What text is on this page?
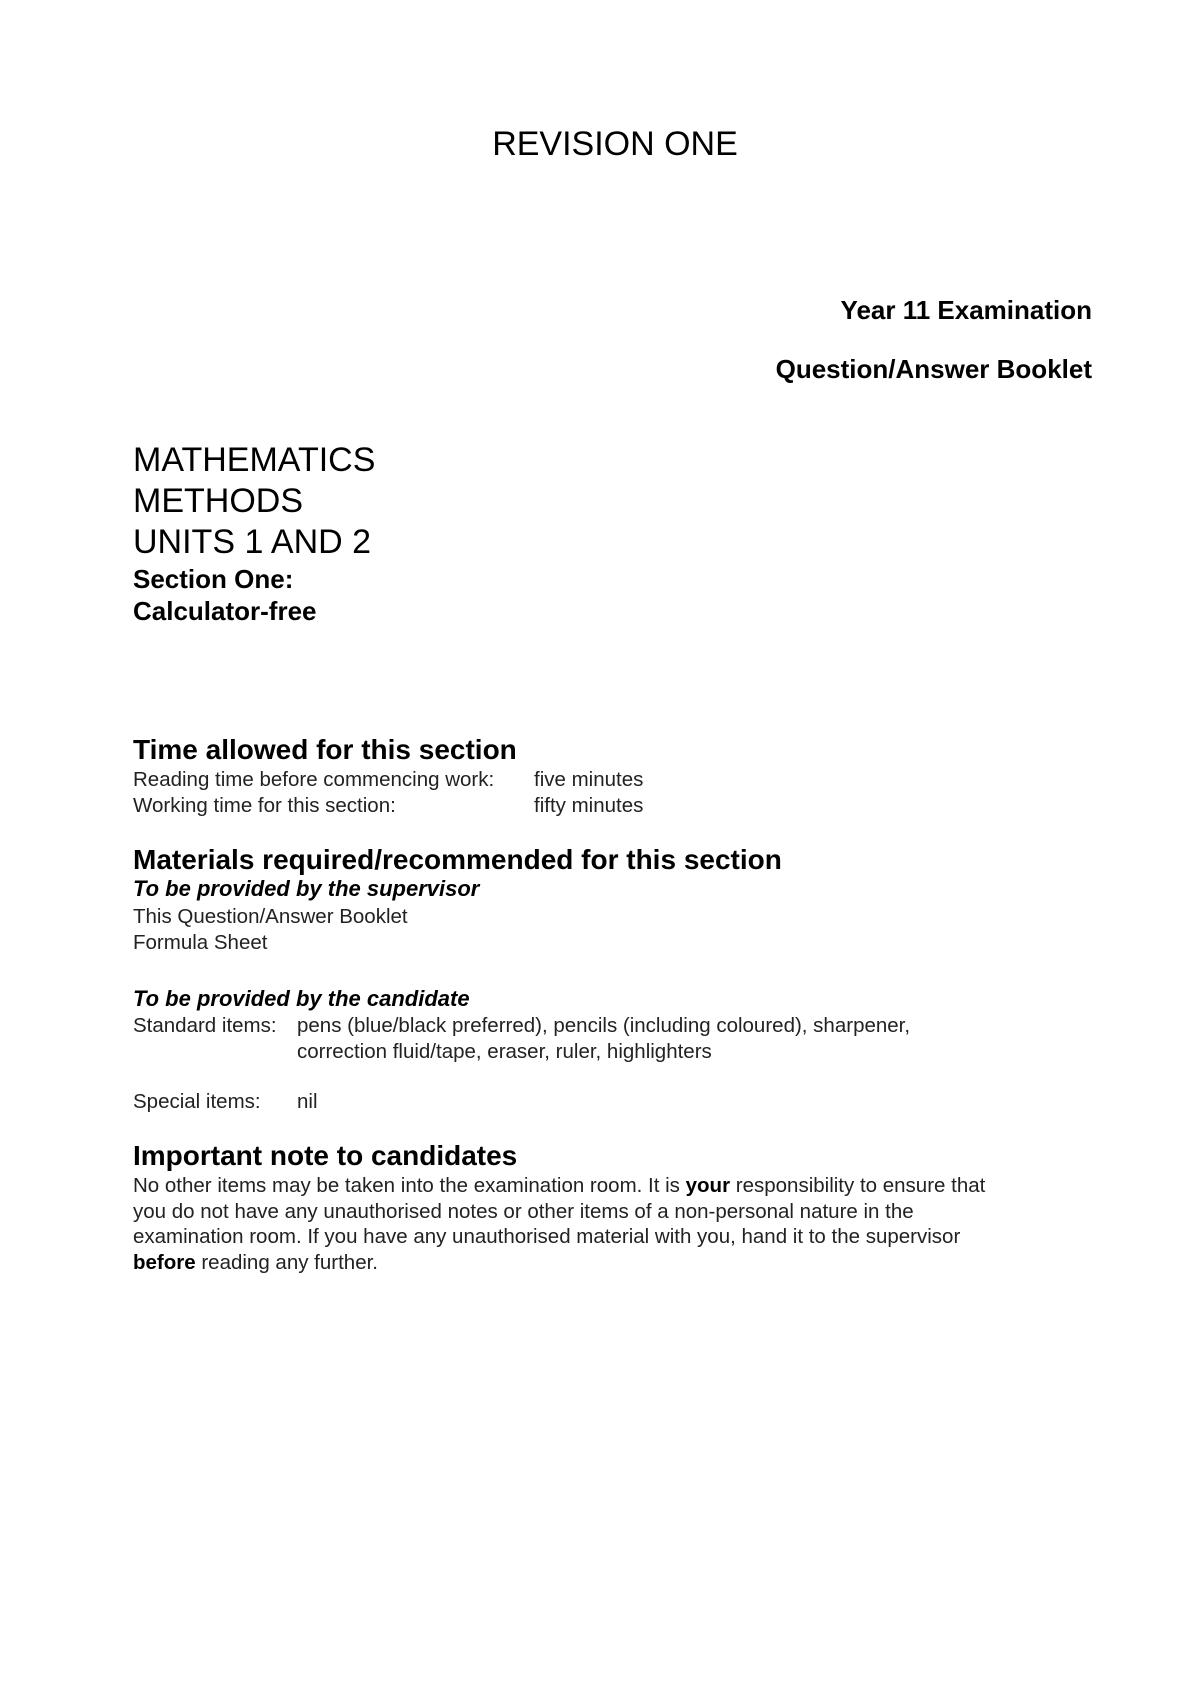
REVISION ONE
Year 11 Examination
Question/Answer Booklet
MATHEMATICS
METHODS
UNITS 1 AND 2
Section One:
Calculator-free
Time allowed for this section
Reading time before commencing work: five minutes
Working time for this section:	fifty minutes
Materials required/recommended for this section
To be provided by the supervisor
This Question/Answer Booklet
Formula Sheet
To be provided by the candidate
Standard items: pens (blue/black preferred), pencils (including coloured), sharpener,
correction fluid/tape, eraser, ruler, highlighters
Special items: nil
Important note to candidates
No other items may be taken into the examination room. It is your responsibility to ensure that
you do not have any unauthorised notes or other items of a non-personal nature in the
examination room. If you have any unauthorised material with you, hand it to the supervisor
before reading any further.
